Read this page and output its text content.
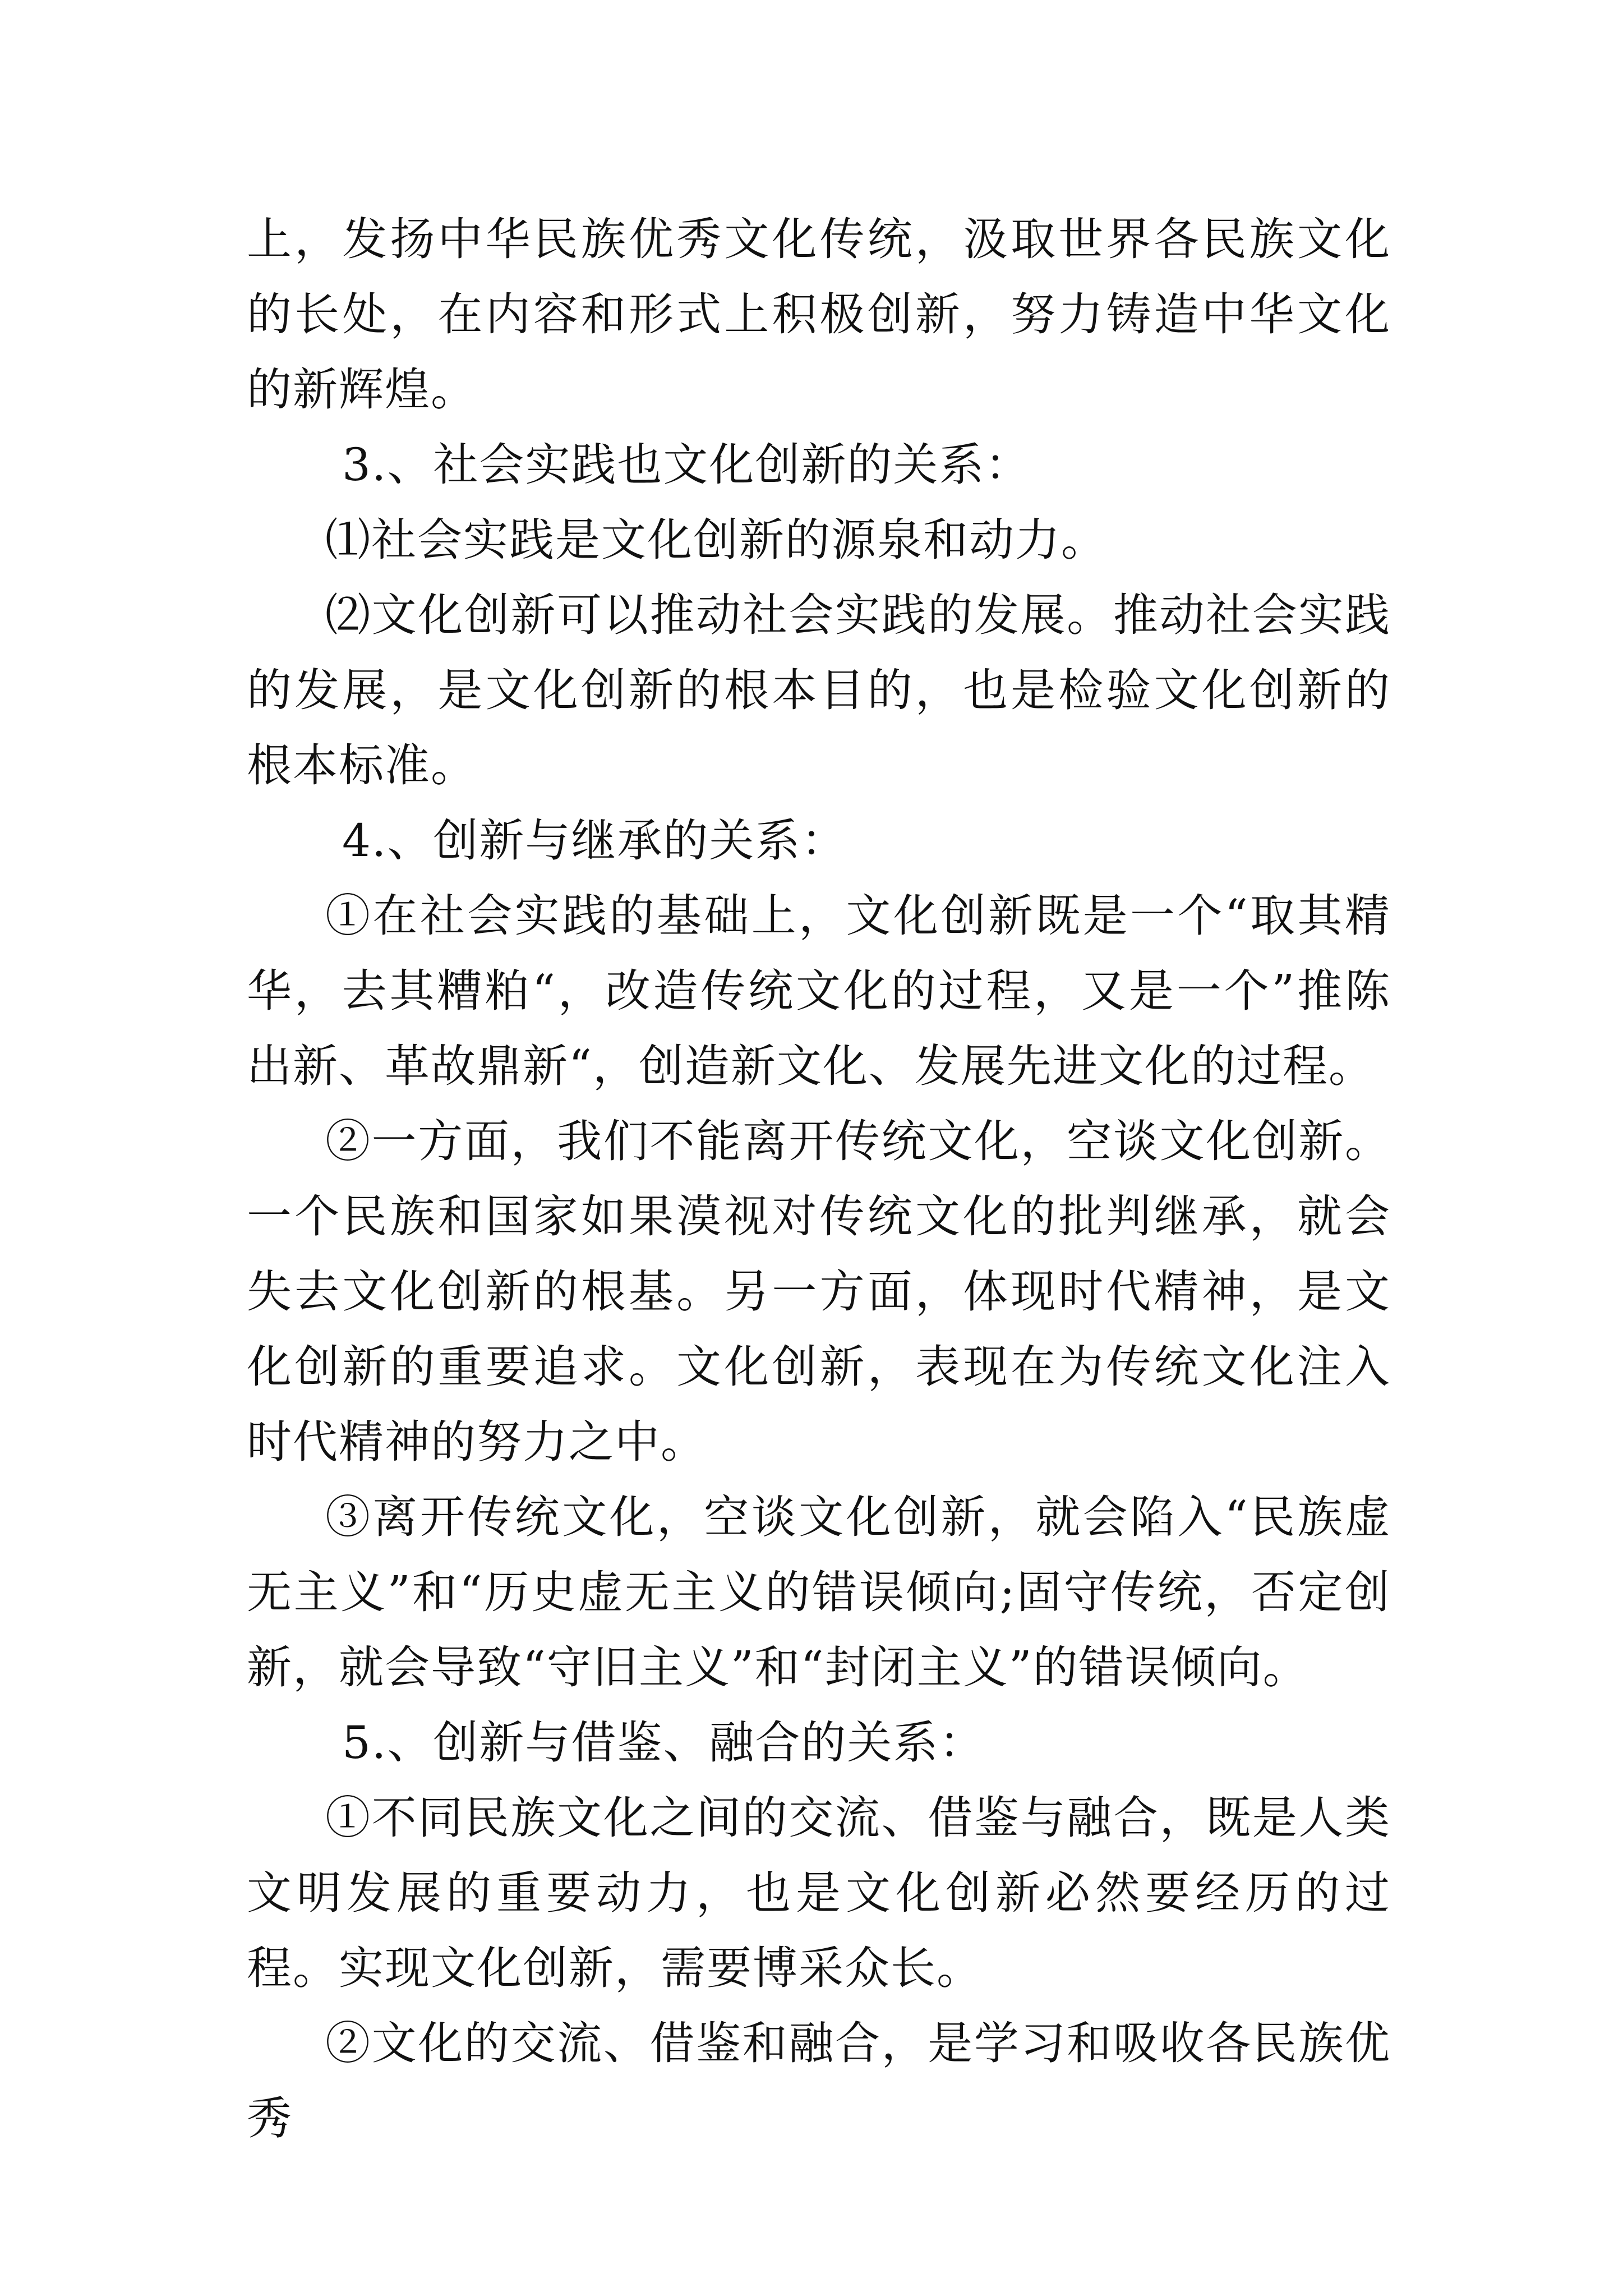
上，发扬中华民族优秀文化传统，汲取世界各民族文化的长处，在内容和形式上积极创新，努力铸造中华文化的新辉煌。

3.、社会实践也文化创新的关系：

⑴社会实践是文化创新的源泉和动力。

⑵文化创新可以推动社会实践的发展。推动社会实践的发展，是文化创新的根本目的，也是检验文化创新的根本标准。

4.、创新与继承的关系：

①在社会实践的基础上，文化创新既是一个“取其精华，去其糟粕“，改造传统文化的过程，又是一个”推陈出新、革故鼎新“，创造新文化、发展先进文化的过程。

②一方面，我们不能离开传统文化，空谈文化创新。一个民族和国家如果漠视对传统文化的批判继承，就会失去文化创新的根基。另一方面，体现时代精神，是文化创新的重要追求。文化创新，表现在为传统文化注入时代精神的努力之中。

③离开传统文化，空谈文化创新，就会陷入“民族虚无主义”和“历史虚无主义的错误倾向;固守传统，否定创新，就会导致“守旧主义”和“封闭主义”的错误倾向。

5.、创新与借鉴、融合的关系：

①不同民族文化之间的交流、借鉴与融合，既是人类文明发展的重要动力，也是文化创新必然要经历的过程。实现文化创新，需要博采众长。

②文化的交流、借鉴和融合，是学习和吸收各民族优秀
